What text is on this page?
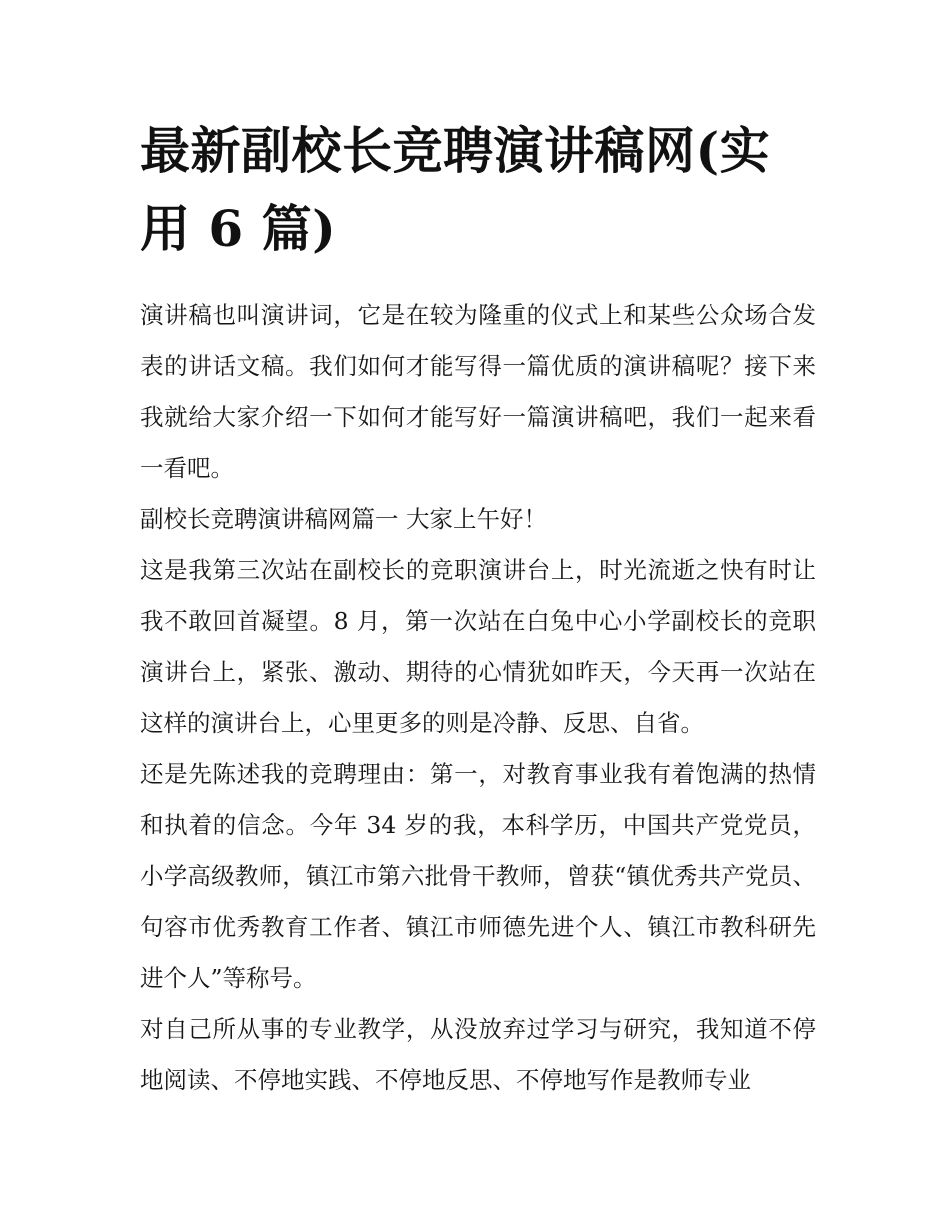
最新副校长竞聘演讲稿网(实用 6 篇)

演讲稿也叫演讲词，它是在较为隆重的仪式上和某些公众场合发表的讲话文稿。我们如何才能写得一篇优质的演讲稿呢？接下来我就给大家介绍一下如何才能写好一篇演讲稿吧，我们一起来看一看吧。

副校长竞聘演讲稿网篇一 大家上午好！

这是我第三次站在副校长的竞职演讲台上，时光流逝之快有时让我不敢回首凝望。8 月，第一次站在白兔中心小学副校长的竞职演讲台上，紧张、激动、期待的心情犹如昨天，今天再一次站在这样的演讲台上，心里更多的则是冷静、反思、自省。

还是先陈述我的竞聘理由：第一，对教育事业我有着饱满的热情和执着的信念。今年 34 岁的我，本科学历，中国共产党党员，小学高级教师，镇江市第六批骨干教师，曾获“镇优秀共产党员、句容市优秀教育工作者、镇江市师德先进个人、镇江市教科研先进个人”等称号。

对自己所从事的专业教学，从没放弃过学习与研究，我知道不停地阅读、不停地实践、不停地反思、不停地写作是教师专业
